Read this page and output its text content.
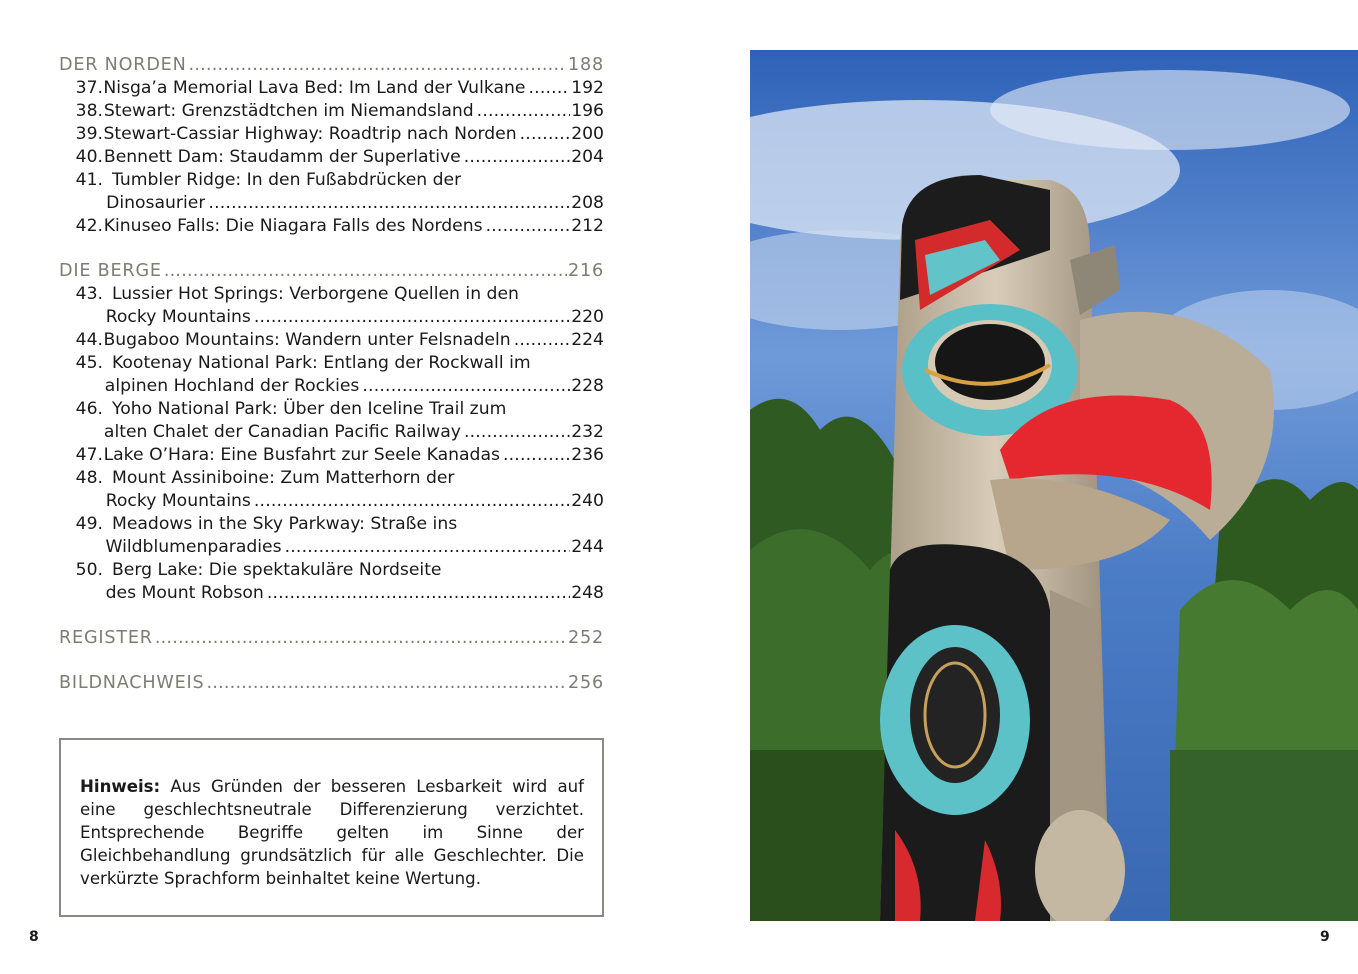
DER NORDEN .....	188
37. Nisga’a Memorial Lava Bed: Im Land der Vulkane .....	192
38. Stewart: Grenzstädtchen im Niemandsland .....	196
39. Stewart-Cassiar Highway: Roadtrip nach Norden .....	200
40. Bennett Dam: Staudamm der Superlative .....	204
41. Tumbler Ridge: In den Fußabdrücken der
Dinosaurier .....	208
42. Kinuseo Falls: Die Niagara Falls des Nordens .....	212
DIE BERGE .....	216
43. Lussier Hot Springs: Verborgene Quellen in den
Rocky Mountains .....	220
44. Bugaboo Mountains: Wandern unter Felsnadeln .....	224
45. Kootenay National Park: Entlang der Rockwall im
alpinen Hochland der Rockies .....	228
46. Yoho National Park: Über den Iceline Trail zum
alten Chalet der Canadian Pacific Railway .....	232
47. Lake O’Hara: Eine Busfahrt zur Seele Kanadas .....	236
48. Mount Assiniboine: Zum Matterhorn der
Rocky Mountains .....	240
49. Meadows in the Sky Parkway: Straße ins
Wildblumenparadies .....	244
50. Berg Lake: Die spektakuläre Nordseite
des Mount Robson .....	248
REGISTER .....	252
BILDNACHWEIS .....	256
Hinweis: Aus Gründen der besseren Lesbarkeit wird auf eine geschlechtsneutrale Differenzierung verzichtet. Entsprechende Begriffe gelten im Sinne der Gleichbehandlung grundsätzlich für alle Geschlechter. Die verkürzte Sprachform beinhaltet keine Wertung.
8	9
